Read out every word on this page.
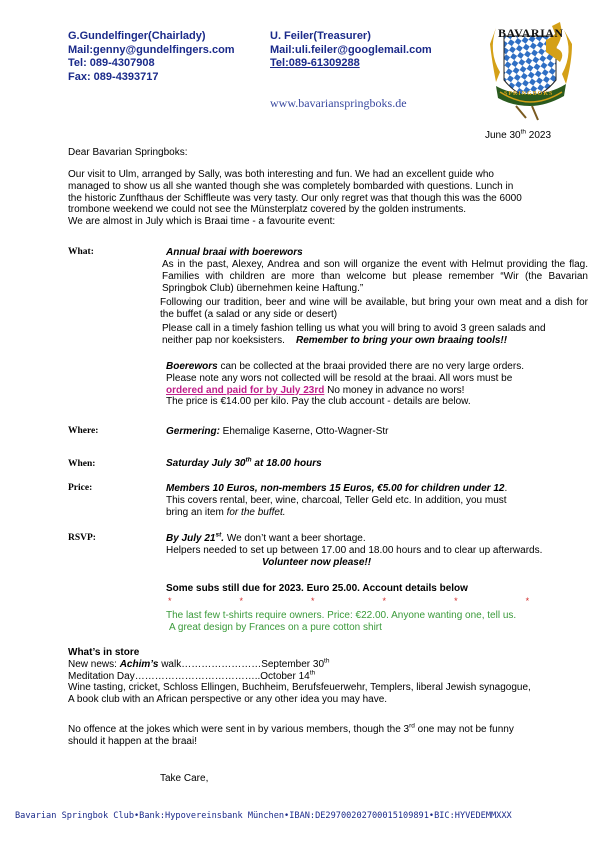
G.Gundelfinger(Chairlady)
Mail:genny@gundelfingers.com
Tel: 089-4307908
Fax: 089-4393717
U. Feiler(Treasurer)
Mail:uli.feiler@googlemail.com
Tel:089-61309288
www.bavarianspringboks.de
BAVARIAN
SPRINGBOKS
June 30th 2023
Dear Bavarian Springboks:
Our visit to Ulm, arranged by Sally, was both interesting and fun. We had an excellent guide who
managed to show us all she wanted though she was completely bombarded with questions. Lunch in
the historic Zunfthaus der Schiffleute was very tasty. Our only regret was that though this was the 6000
trombone weekend we could not see the Münsterplatz covered by the golden instruments.
We are almost in July which is Braai time - a favourite event:
What:	Annual braai with boerewors
As in the past, Alexey, Andrea and son will organize the event with Helmut providing the flag. Families with children are more than welcome but please remember “Wir (the Bavarian Springbok Club) übernehmen keine Haftung.”
Following our tradition, beer and wine will be available, but bring your own meat and a dish for the buffet (a salad or any side or desert)
Please call in a timely fashion telling us what you will bring to avoid 3 green salads and
neither pap nor koeksisters. Remember to bring your own braaing tools!!
Boerewors can be collected at the braai provided there are no very large orders.
Please note any wors not collected will be resold at the braai. All wors must be
ordered and paid for by July 23rd No money in advance no wors!
The price is €14.00 per kilo. Pay the club account - details are below.
Where:	Germering: Ehemalige Kaserne, Otto-Wagner-Str
When:	Saturday July 30th at 18.00 hours
Price:	Members 10 Euros, non-members 15 Euros, €5.00 for children under 12.
This covers rental, beer, wine, charcoal, Teller Geld etc. In addition, you must
bring an item for the buffet.
RSVP:	By July 21st. We don’t want a beer shortage.
Helpers needed to set up between 17.00 and 18.00 hours and to clear up afterwards.
Volunteer now please!!
Some subs still due for 2023. Euro 25.00. Account details below
*	*	*	*	*	*
The last few t-shirts require owners. Price: €22.00. Anyone wanting one, tell us.
A great design by Frances on a pure cotton shirt
What’s in store
New news: Achim’s walk……………………September 30th
Meditation Day………………………………..October 14th
Wine tasting, cricket, Schloss Ellingen, Buchheim, Berufsfeuerwehr, Templers, liberal Jewish synagogue,
A book club with an African perspective or any other idea you may have.
No offence at the jokes which were sent in by various members, though the 3rd one may not be funny
should it happen at the braai!
Take Care,
Bavarian Springbok Club•Bank:Hypovereinsbank München•IBAN:DE29700202700015109891•BIC:HYVEDEMMXXX
